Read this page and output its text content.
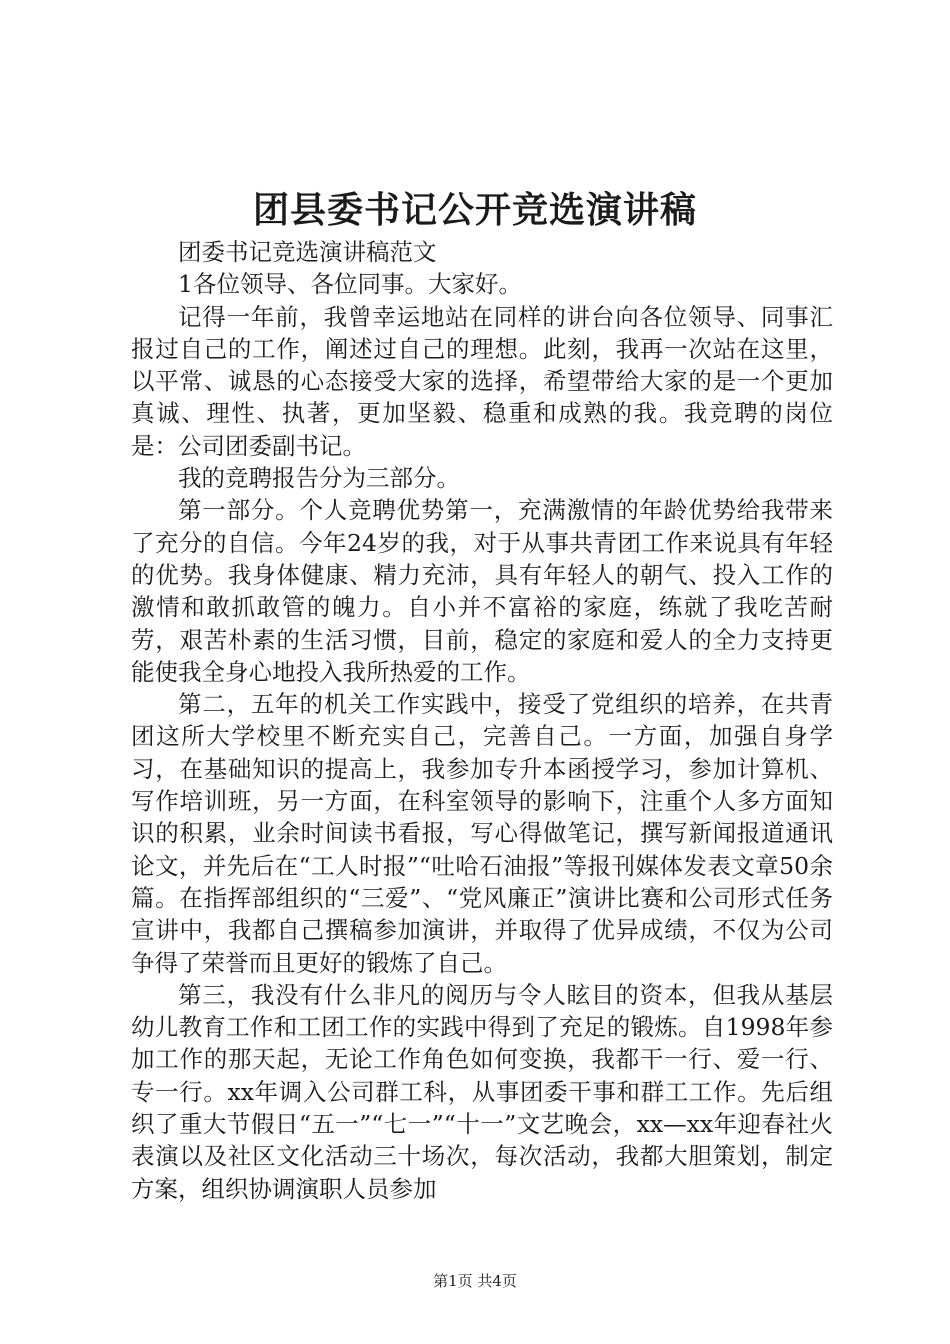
团县委书记公开竞选演讲稿

团委书记竞选演讲稿范文

1各位领导、各位同事。大家好。

记得一年前，我曾幸运地站在同样的讲台向各位领导、同事汇报过自己的工作，阐述过自己的理想。此刻，我再一次站在这里，以平常、诚恳的心态接受大家的选择，希望带给大家的是一个更加真诚、理性、执著，更加坚毅、稳重和成熟的我。我竞聘的岗位是：公司团委副书记。

我的竞聘报告分为三部分。

第一部分。个人竞聘优势第一，充满激情的年龄优势给我带来了充分的自信。今年24岁的我，对于从事共青团工作来说具有年轻的优势。我身体健康、精力充沛，具有年轻人的朝气、投入工作的激情和敢抓敢管的魄力。自小并不富裕的家庭，练就了我吃苦耐劳，艰苦朴素的生活习惯，目前，稳定的家庭和爱人的全力支持更能使我全身心地投入我所热爱的工作。

第二，五年的机关工作实践中，接受了党组织的培养，在共青团这所大学校里不断充实自己，完善自己。一方面，加强自身学习，在基础知识的提高上，我参加专升本函授学习，参加计算机、写作培训班，另一方面，在科室领导的影响下，注重个人多方面知识的积累，业余时间读书看报，写心得做笔记，撰写新闻报道通讯论文，并先后在“工人时报”“吐哈石油报”等报刊媒体发表文章50余篇。在指挥部组织的“三爱”、“党风廉正”演讲比赛和公司形式任务宣讲中，我都自己撰稿参加演讲，并取得了优异成绩，不仅为公司争得了荣誉而且更好的锻炼了自己。

第三，我没有什么非凡的阅历与令人眩目的资本，但我从基层幼儿教育工作和工团工作的实践中得到了充足的锻炼。自1998年参加工作的那天起，无论工作角色如何变换，我都干一行、爱一行、专一行。xx年调入公司群工科，从事团委干事和群工工作。先后组织了重大节假日“五一”“七一”“十一”文艺晚会，xx—xx年迎春社火表演以及社区文化活动三十场次，每次活动，我都大胆策划，制定方案，组织协调演职人员参加

第1页 共4页
